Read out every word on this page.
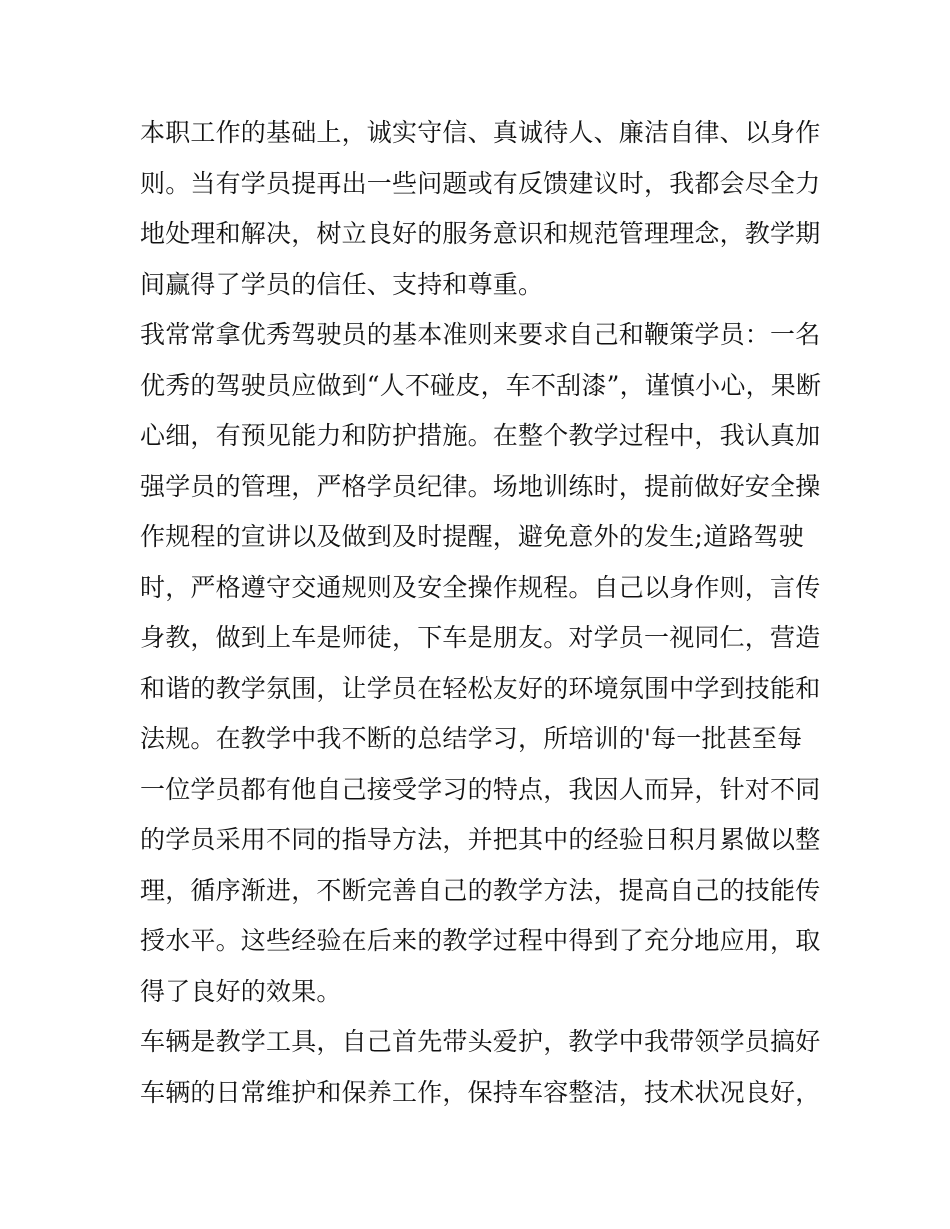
本职工作的基础上，诚实守信、真诚待人、廉洁自律、以身作
则。当有学员提再出一些问题或有反馈建议时，我都会尽全力
地处理和解决，树立良好的服务意识和规范管理理念，教学期
间赢得了学员的信任、支持和尊重。
我常常拿优秀驾驶员的基本准则来要求自己和鞭策学员：一名
优秀的驾驶员应做到“人不碰皮，车不刮漆”，谨慎小心，果断
心细，有预见能力和防护措施。在整个教学过程中，我认真加
强学员的管理，严格学员纪律。场地训练时，提前做好安全操
作规程的宣讲以及做到及时提醒，避免意外的发生;道路驾驶
时，严格遵守交通规则及安全操作规程。自己以身作则，言传
身教，做到上车是师徒，下车是朋友。对学员一视同仁，营造
和谐的教学氛围，让学员在轻松友好的环境氛围中学到技能和
法规。在教学中我不断的总结学习，所培训的'每一批甚至每
一位学员都有他自己接受学习的特点，我因人而异，针对不同
的学员采用不同的指导方法，并把其中的经验日积月累做以整
理，循序渐进，不断完善自己的教学方法，提高自己的技能传
授水平。这些经验在后来的教学过程中得到了充分地应用，取
得了良好的效果。
车辆是教学工具，自己首先带头爱护，教学中我带领学员搞好
车辆的日常维护和保养工作，保持车容整洁，技术状况良好，
